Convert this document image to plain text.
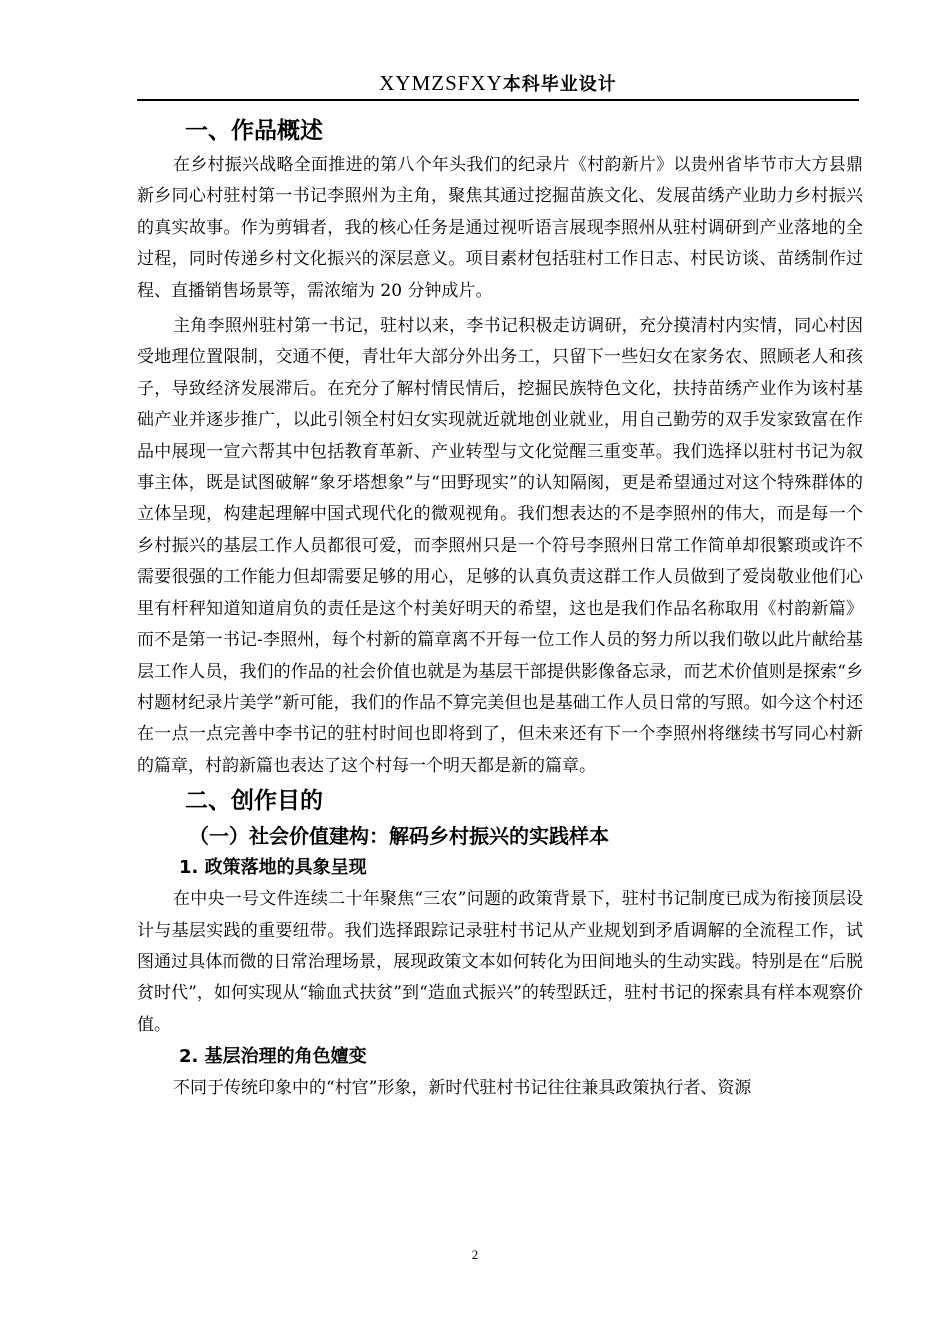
XYMZSFXY本科毕业设计
一、作品概述

在乡村振兴战略全面推进的第八个年头我们的纪录片《村韵新片》以贵州省毕节市大方县鼎新乡同心村驻村第一书记李照州为主角，聚焦其通过挖掘苗族文化、发展苗绣产业助力乡村振兴的真实故事。作为剪辑者，我的核心任务是通过视听语言展现李照州从驻村调研到产业落地的全过程，同时传递乡村文化振兴的深层意义。项目素材包括驻村工作日志、村民访谈、苗绣制作过程、直播销售场景等，需浓缩为 20 分钟成片。

主角李照州驻村第一书记，驻村以来，李书记积极走访调研，充分摸清村内实情，同心村因受地理位置限制，交通不便，青壮年大部分外出务工，只留下一些妇女在家务农、照顾老人和孩子，导致经济发展滞后。在充分了解村情民情后，挖掘民族特色文化，扶持苗绣产业作为该村基础产业并逐步推广，以此引领全村妇女实现就近就地创业就业，用自己勤劳的双手发家致富在作品中展现一宣六帮其中包括教育革新、产业转型与文化觉醒三重变革。我们选择以驻村书记为叙事主体，既是试图破解“象牙塔想象”与“田野现实”的认知隔阂，更是希望通过对这个特殊群体的立体呈现，构建起理解中国式现代化的微观视角。我们想表达的不是李照州的伟大，而是每一个乡村振兴的基层工作人员都很可爱，而李照州只是一个符号李照州日常工作简单却很繁琐或许不需要很强的工作能力但却需要足够的用心，足够的认真负责这群工作人员做到了爱岗敬业他们心里有杆秤知道知道肩负的责任是这个村美好明天的希望，这也是我们作品名称取用《村韵新篇》而不是第一书记-李照州，每个村新的篇章离不开每一位工作人员的努力所以我们敬以此片献给基层工作人员，我们的作品的社会价值也就是为基层干部提供影像备忘录，而艺术价值则是探索“乡村题材纪录片美学”新可能，我们的作品不算完美但也是基础工作人员日常的写照。如今这个村还在一点一点完善中李书记的驻村时间也即将到了，但未来还有下一个李照州将继续书写同心村新的篇章，村韵新篇也表达了这个村每一个明天都是新的篇章。

二、创作目的
（一）社会价值建构：解码乡村振兴的实践样本
1. 政策落地的具象呈现

在中央一号文件连续二十年聚焦“三农”问题的政策背景下，驻村书记制度已成为衔接顶层设计与基层实践的重要纽带。我们选择跟踪记录驻村书记从产业规划到矛盾调解的全流程工作，试图通过具体而微的日常治理场景，展现政策文本如何转化为田间地头的生动实践。特别是在“后脱贫时代”，如何实现从“输血式扶贫”到“造血式振兴”的转型跃迁，驻村书记的探索具有样本观察价值。

2. 基层治理的角色嬗变

不同于传统印象中的“村官”形象，新时代驻村书记往往兼具政策执行者、资源

2
